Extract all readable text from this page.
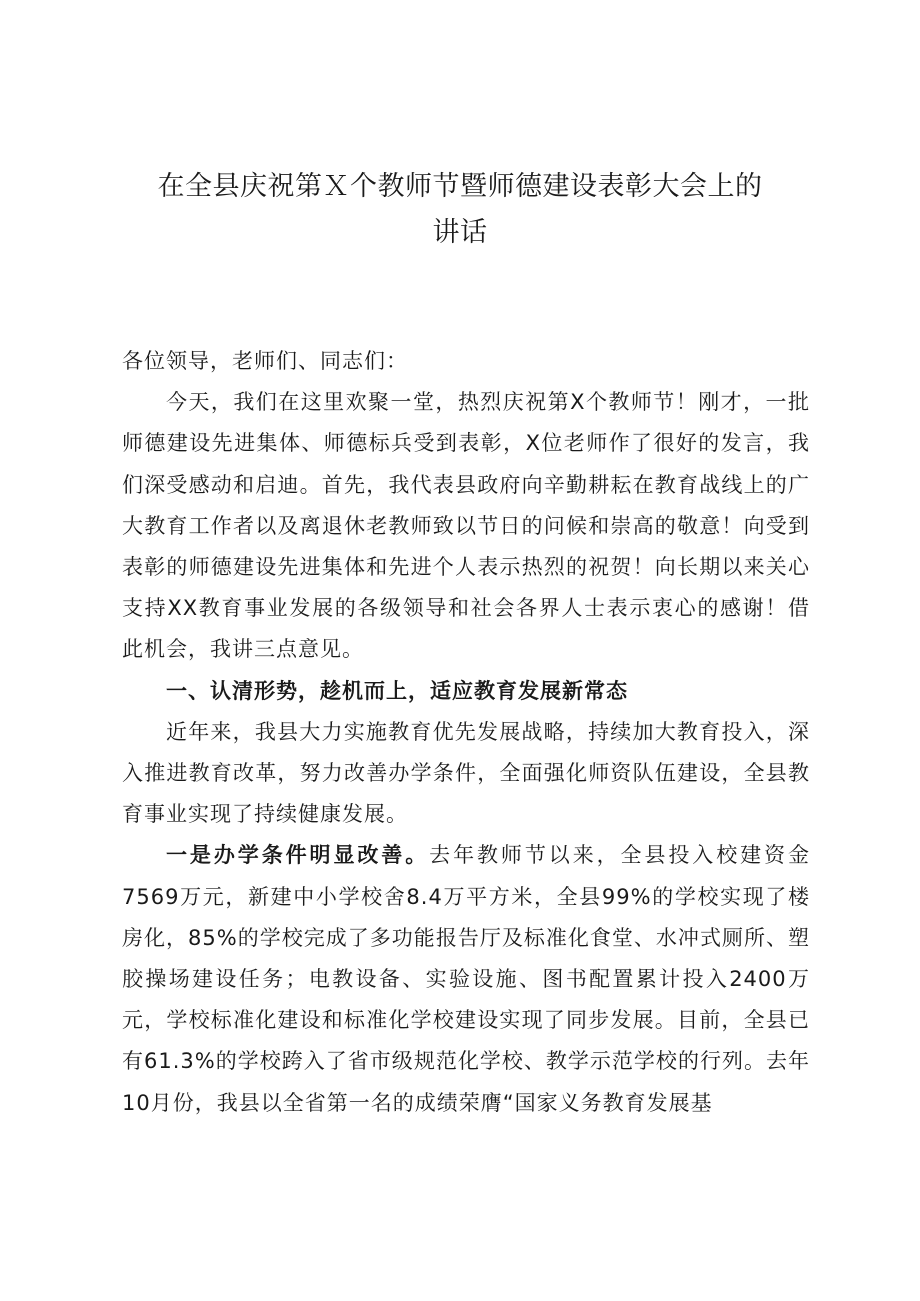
在全县庆祝第Ｘ个教师节暨师德建设表彰大会上的
讲话

各位领导，老师们、同志们：

今天，我们在这里欢聚一堂，热烈庆祝第X个教师节！刚才，一批师德建设先进集体、师德标兵受到表彰，X位老师作了很好的发言，我们深受感动和启迪。首先，我代表县政府向辛勤耕耘在教育战线上的广大教育工作者以及离退休老教师致以节日的问候和崇高的敬意！向受到表彰的师德建设先进集体和先进个人表示热烈的祝贺！向长期以来关心支持XX教育事业发展的各级领导和社会各界人士表示衷心的感谢！借此机会，我讲三点意见。

一、认清形势，趁机而上，适应教育发展新常态

近年来，我县大力实施教育优先发展战略，持续加大教育投入，深入推进教育改革，努力改善办学条件，全面强化师资队伍建设，全县教育事业实现了持续健康发展。

一是办学条件明显改善。去年教师节以来，全县投入校建资金7569万元，新建中小学校舍8.4万平方米，全县99%的学校实现了楼房化，85%的学校完成了多功能报告厅及标准化食堂、水冲式厕所、塑胶操场建设任务；电教设备、实验设施、图书配置累计投入2400万元，学校标准化建设和标准化学校建设实现了同步发展。目前，全县已有61.3%的学校跨入了省市级规范化学校、教学示范学校的行列。去年10月份，我县以全省第一名的成绩荣膺“国家义务教育发展基
